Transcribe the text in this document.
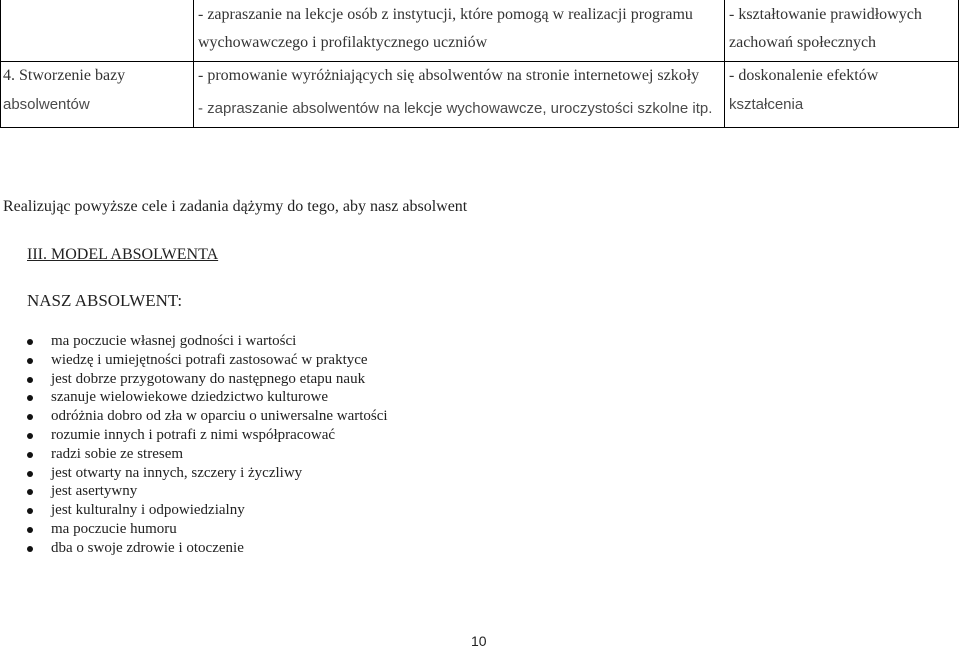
- zapraszanie na lekcje osób z instytucji, które pomogą w realizacji programu
wychowawczego i profilaktycznego uczniów
- kształtowanie prawidłowych
zachowań społecznych
4. Stworzenie bazy
absolwentów
- promowanie wyróżniających się absolwentów na stronie internetowej szkoły
- zapraszanie absolwentów na lekcje wychowawcze, uroczystości szkolne itp.
- doskonalenie efektów
kształcenia
Realizując powyższe cele i zadania dążymy do tego, aby nasz absolwent
III. MODEL ABSOLWENTA
NASZ ABSOLWENT:
ma poczucie własnej godności i wartości
wiedzę i umiejętności potrafi zastosować w praktyce
jest dobrze przygotowany do następnego etapu nauk
szanuje wielowiekowe dziedzictwo kulturowe
odróżnia dobro od zła w oparciu o uniwersalne wartości
rozumie innych i potrafi z nimi współpracować
radzi sobie ze stresem
jest otwarty na innych, szczery i życzliwy
jest asertywny
jest kulturalny i odpowiedzialny
ma poczucie humoru
dba o swoje zdrowie i otoczenie
10
